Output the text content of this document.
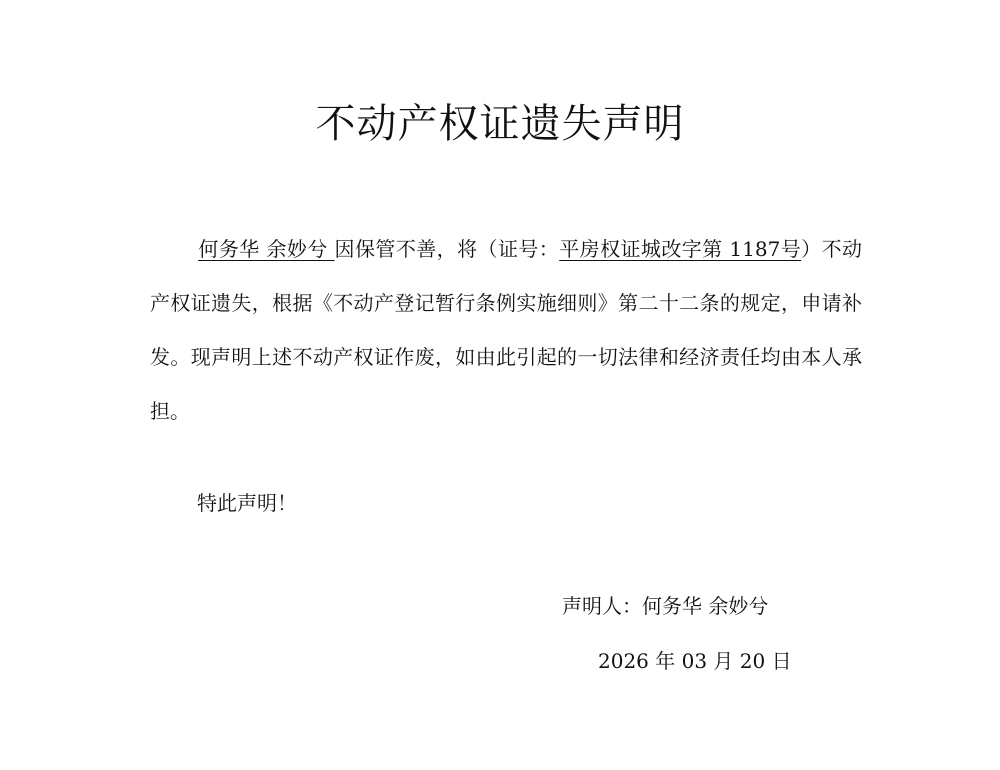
不动产权证遗失声明
何务华 余妙兮 因保管不善，将（证号：平房权证城改字第 1187号）不动产权证遗失，根据《不动产登记暂行条例实施细则》第二十二条的规定，申请补发。现声明上述不动产权证作废，如由此引起的一切法律和经济责任均由本人承担。
特此声明！
声明人：何务华 余妙兮
2026 年 03 月 20 日
